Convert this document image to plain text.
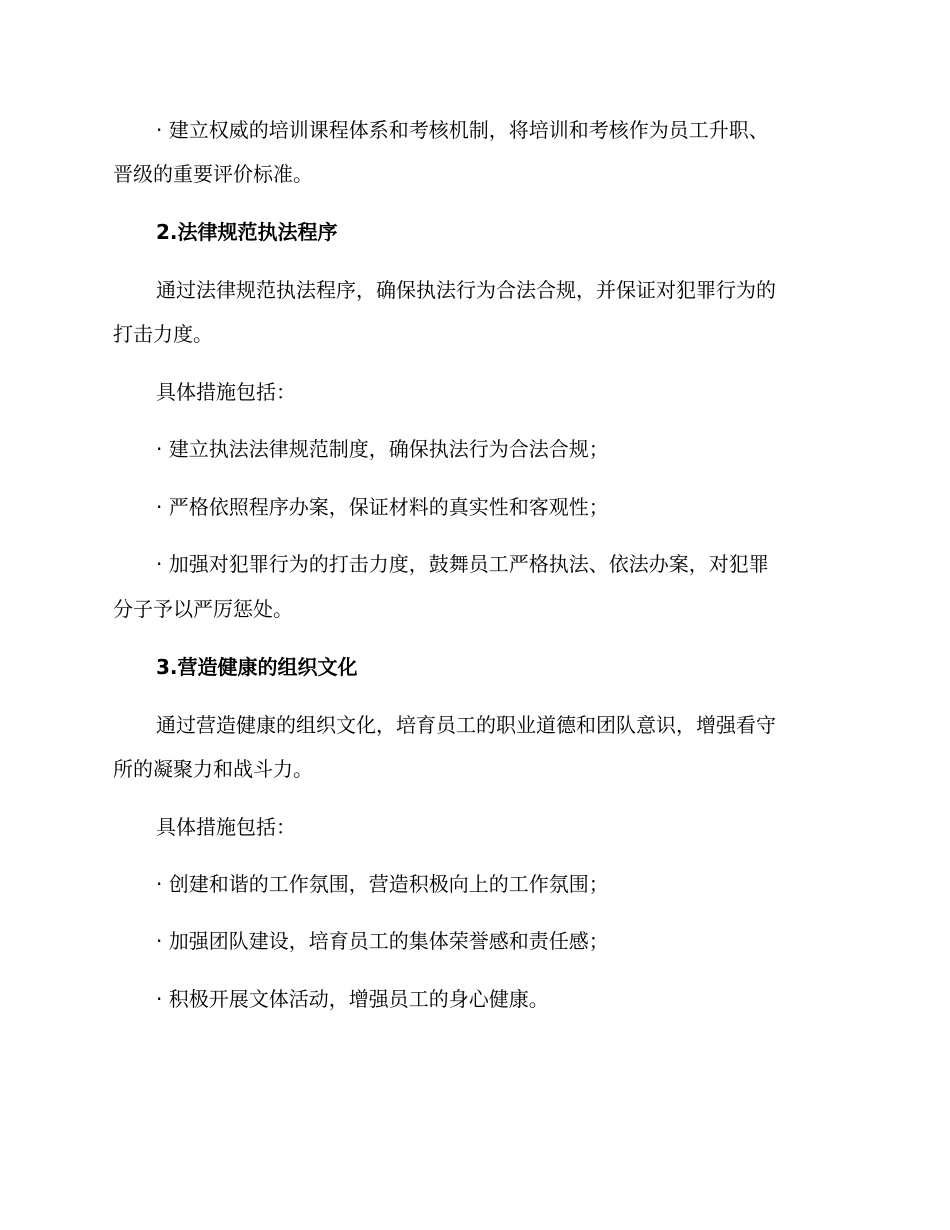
· 建立权威的培训课程体系和考核机制，将培训和考核作为员工升职、
晋级的重要评价标准。
2.法律规范执法程序
通过法律规范执法程序，确保执法行为合法合规，并保证对犯罪行为的
打击力度。
具体措施包括：
· 建立执法法律规范制度，确保执法行为合法合规；
· 严格依照程序办案，保证材料的真实性和客观性；
· 加强对犯罪行为的打击力度，鼓舞员工严格执法、依法办案，对犯罪
分子予以严厉惩处。
3.营造健康的组织文化
通过营造健康的组织文化，培育员工的职业道德和团队意识，增强看守
所的凝聚力和战斗力。
具体措施包括：
· 创建和谐的工作氛围，营造积极向上的工作氛围；
· 加强团队建设，培育员工的集体荣誉感和责任感；
· 积极开展文体活动，增强员工的身心健康。
